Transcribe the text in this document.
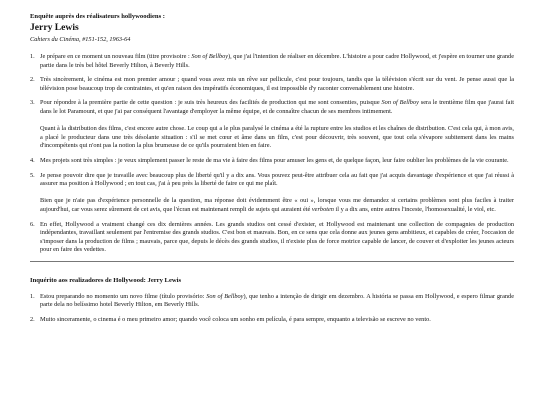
Enquête auprès des réalisateurs hollywoodiens :

Jerry Lewis

Cahiers du Cinéma, #151-152, 1963-64

1. Je prépare en ce moment un nouveau film (titre provisoire : Son of Bellboy), que j'ai l'intention de réaliser en décembre. L'histoire a pour cadre Hollywood, et j'espère en tourner une grande partie dans le très bel hôtel Beverly Hilton, à Beverly Hills.
2. Très sincèrement, le cinéma est mon premier amour ; quand vous avez mis un rêve sur pellicule, c'est pour toujours, tandis que la télévision s'écrit sur du vent. Je pense aussi que la télévision pose beaucoup trop de contraintes, et qu'en raison des impératifs économiques, il est impossible d'y raconter convenablement une histoire.
3. Pour répondre à la première partie de cette question : je suis très heureux des facilités de production qui me sont consenties, puisque Son of Bellboy sera le trentième film que j'aurai fait dans le lot Paramount, et que j'ai par conséquent l'avantage d'employer la même équipe, et de connaître chacun de ses membres intimement.
Quant à la distribution des films, c'est encore autre chose. Le coup qui a le plus paralysé le cinéma a été la rupture entre les studios et les chaînes de distribution. C'est cela qui, à mon avis, a placé le producteur dans une très désolante situation : s'il se met cœur et âme dans un film, c'est pour découvrir, très souvent, que tout cela s'évapore subitement dans les mains d'incompétents qui n'ont pas la notion la plus brumeuse de ce qu'ils pourraient bien en faire.
4. Mes projets sont très simples : je veux simplement passer le reste de ma vie à faire des films pour amuser les gens et, de quelque façon, leur faire oublier les problèmes de la vie courante.
5. Je pense pouvoir dire que je travaille avec beaucoup plus de liberté qu'il y a dix ans. Vous pouvez peut-être attribuer cela au fait que j'ai acquis davantage d'expérience et que j'ai réussi à assurer ma position à Hollywood ; en tout cas, j'ai à peu près la liberté de faire ce qui me plaît.
Bien que je n'aie pas d'expérience personnelle de la question, ma réponse doit évidemment être « oui », lorsque vous me demandez si certains problèmes sont plus faciles à traiter aujourd'hui, car vous serez sûrement de cet avis, que l'écran est maintenant rempli de sujets qui auraient été verboten il y a dix ans, entre autres l'inceste, l'homosexualité, le viol, etc.
6. En effet, Hollywood a vraiment changé ces dix dernières années. Les grands studios ont cessé d'exister, et Hollywood est maintenant une collection de compagnies de production indépendantes, travaillant seulement par l'entremise des grands studios. C'est bon et mauvais. Bon, en ce sens que cela donne aux jeunes gens ambitieux, et capables de créer, l'occasion de s'imposer dans la production de films ; mauvais, parce que, depuis le décès des grands studios, il n'existe plus de force motrice capable de lancer, de couver et d'exploiter les jeunes acteurs pour en faire des vedettes.

Inquérito aos realizadores de Hollywood: Jerry Lewis

1. Estou preparando no momento um novo filme (título provisório: Son of Bellboy), que tenho a intenção de dirigir em dezembro. A história se passa em Hollywood, e espero filmar grande parte dela no belíssimo hotel Beverly Hilton, em Beverly Hills.
2. Muito sinceramente, o cinema é o meu primeiro amor; quando você coloca um sonho em película, é para sempre, enquanto a televisão se escreve no vento.
